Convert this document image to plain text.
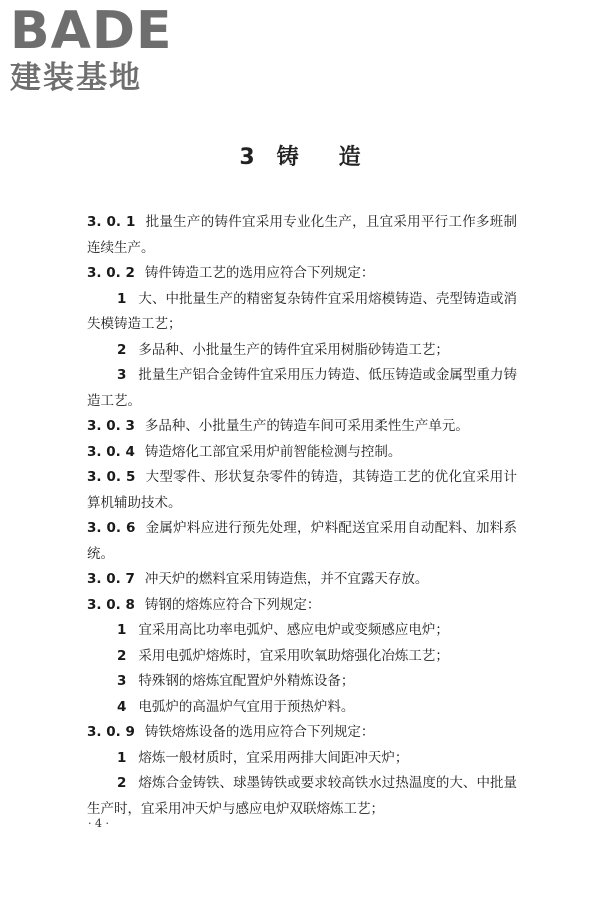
BADE
建装基地
3 铸 造

3. 0. 1 批量生产的铸件宜采用专业化生产，且宜采用平行工作多班制连续生产。

3. 0. 2 铸件铸造工艺的选用应符合下列规定：

1 大、中批量生产的精密复杂铸件宜采用熔模铸造、壳型铸造或消失模铸造工艺；

2 多品种、小批量生产的铸件宜采用树脂砂铸造工艺；

3 批量生产铝合金铸件宜采用压力铸造、低压铸造或金属型重力铸造工艺。

3. 0. 3 多品种、小批量生产的铸造车间可采用柔性生产单元。

3. 0. 4 铸造熔化工部宜采用炉前智能检测与控制。

3. 0. 5 大型零件、形状复杂零件的铸造，其铸造工艺的优化宜采用计算机辅助技术。

3. 0. 6 金属炉料应进行预先处理，炉料配送宜采用自动配料、加料系统。

3. 0. 7 冲天炉的燃料宜采用铸造焦，并不宜露天存放。

3. 0. 8 铸钢的熔炼应符合下列规定：

1 宜采用高比功率电弧炉、感应电炉或变频感应电炉；

2 采用电弧炉熔炼时，宜采用吹氧助熔强化冶炼工艺；

3 特殊钢的熔炼宜配置炉外精炼设备；

4 电弧炉的高温炉气宜用于预热炉料。

3. 0. 9 铸铁熔炼设备的选用应符合下列规定：

1 熔炼一般材质时，宜采用两排大间距冲天炉；

2 熔炼合金铸铁、球墨铸铁或要求较高铁水过热温度的大、中批量生产时，宜采用冲天炉与感应电炉双联熔炼工艺；

· 4 ·
